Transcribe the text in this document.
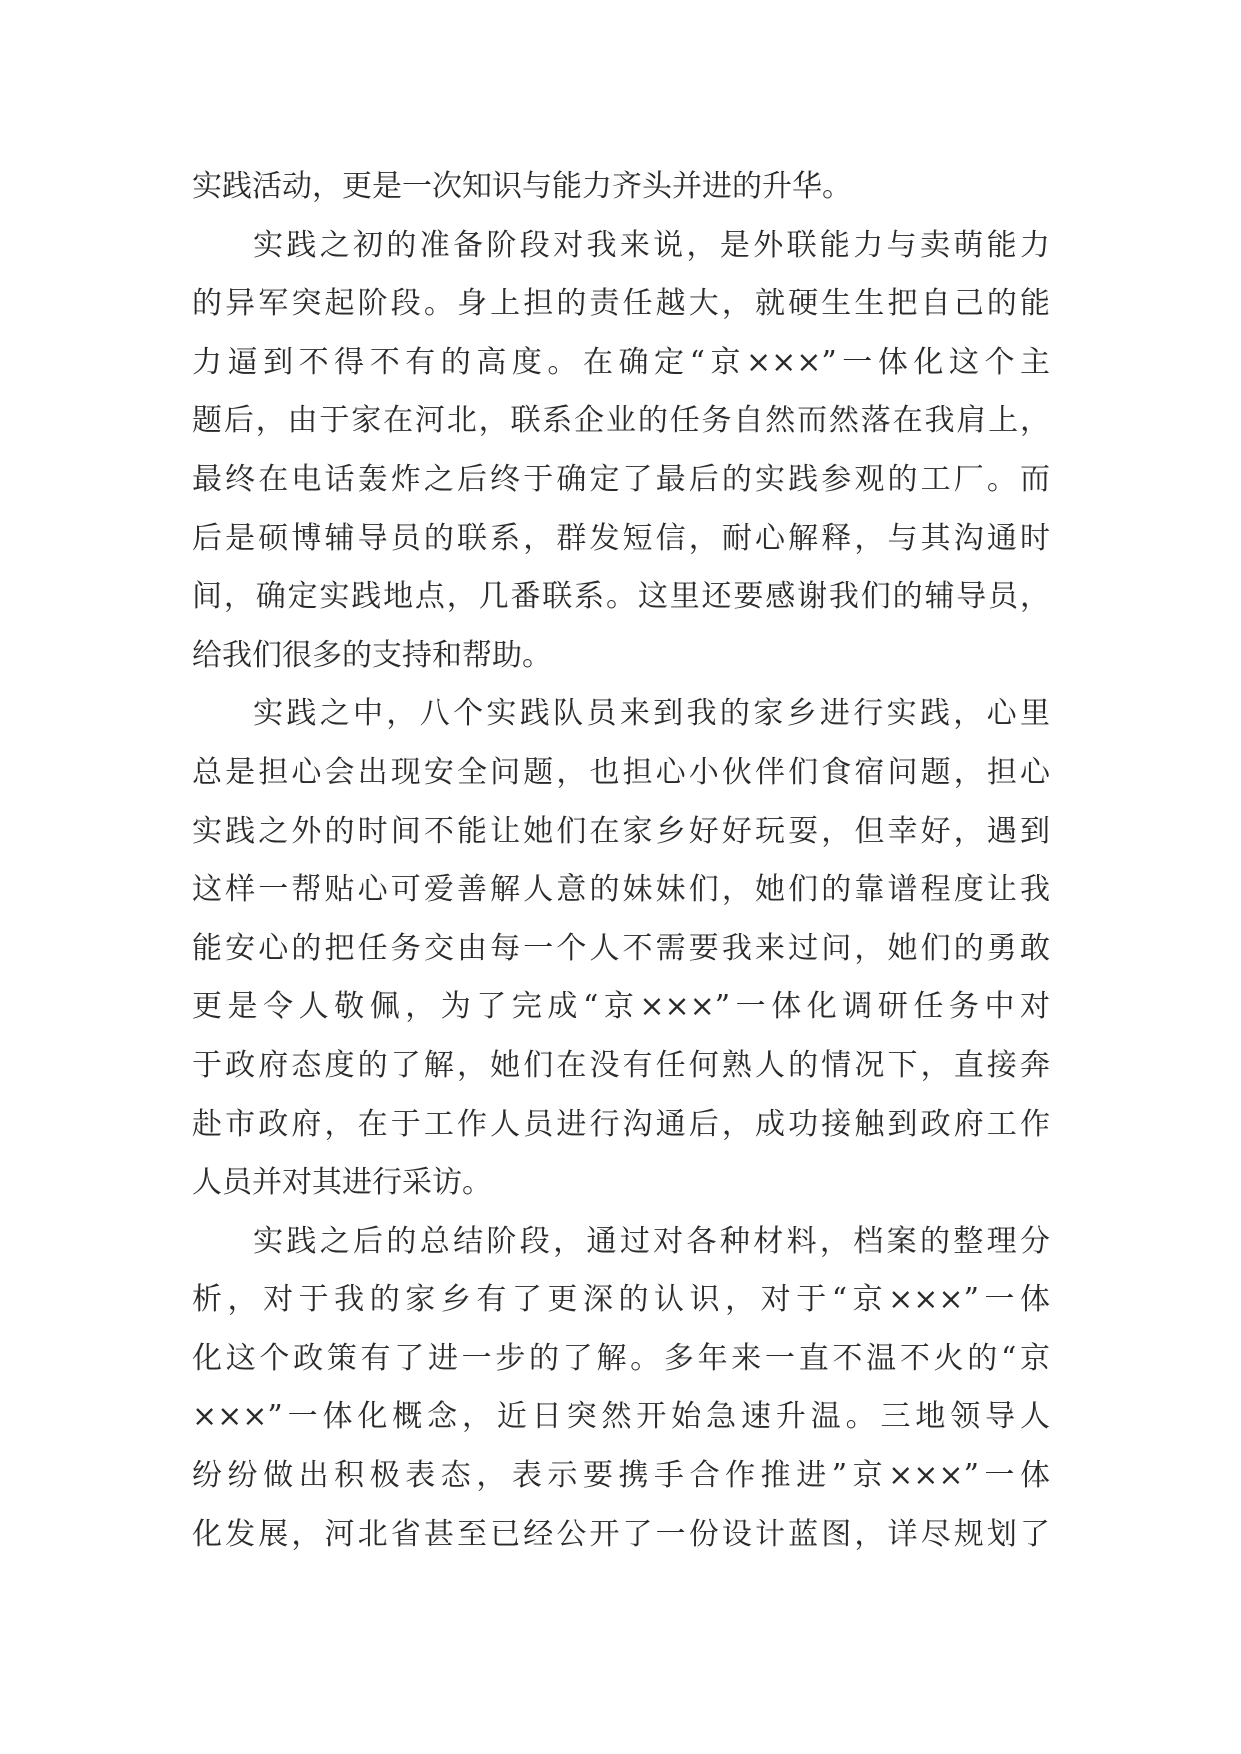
实践活动，更是一次知识与能力齐头并进的升华。
实践之初的准备阶段对我来说，是外联能力与卖萌能力
的异军突起阶段。身上担的责任越大，就硬生生把自己的能
力逼到不得不有的高度。在确定“京×××”一体化这个主
题后，由于家在河北，联系企业的任务自然而然落在我肩上，
最终在电话轰炸之后终于确定了最后的实践参观的工厂。而
后是硕博辅导员的联系，群发短信，耐心解释，与其沟通时
间，确定实践地点，几番联系。这里还要感谢我们的辅导员，
给我们很多的支持和帮助。
实践之中，八个实践队员来到我的家乡进行实践，心里
总是担心会出现安全问题，也担心小伙伴们食宿问题，担心
实践之外的时间不能让她们在家乡好好玩耍，但幸好，遇到
这样一帮贴心可爱善解人意的妹妹们，她们的靠谱程度让我
能安心的把任务交由每一个人不需要我来过问，她们的勇敢
更是令人敬佩，为了完成“京×××”一体化调研任务中对
于政府态度的了解，她们在没有任何熟人的情况下，直接奔
赴市政府，在于工作人员进行沟通后，成功接触到政府工作
人员并对其进行采访。
实践之后的总结阶段，通过对各种材料，档案的整理分
析，对于我的家乡有了更深的认识，对于“京×××”一体
化这个政策有了进一步的了解。多年来一直不温不火的“京
×××”一体化概念，近日突然开始急速升温。三地领导人
纷纷做出积极表态，表示要携手合作推进”京×××”一体
化发展，河北省甚至已经公开了一份设计蓝图，详尽规划了
